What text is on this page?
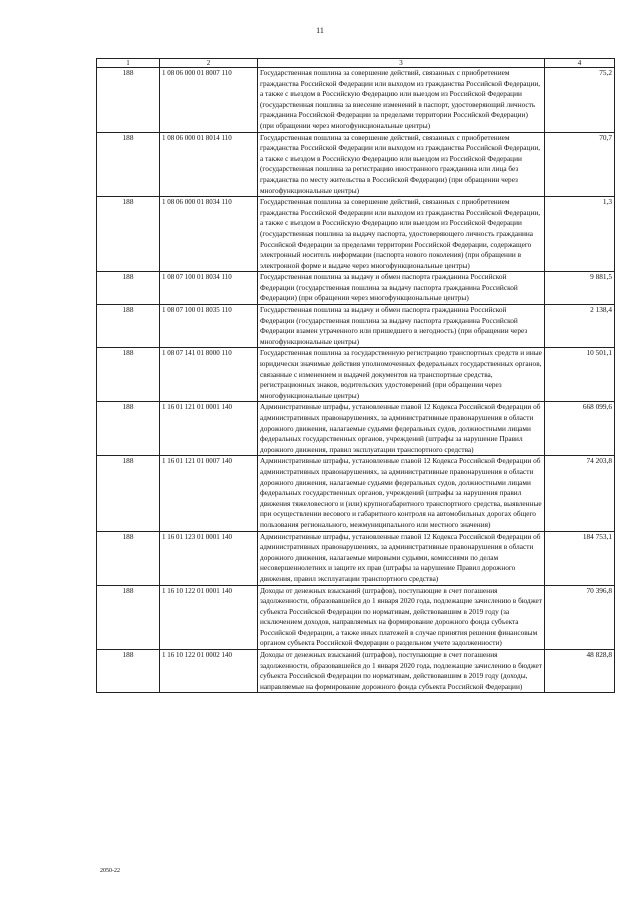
11
1	2	3	4
188	1 08 06 000 01 8007 110	Государственная пошлина за совершение действий, связанных с приобретением гражданства Российской Федерации или выходом из гражданства Российской Федерации, а также с въездом в Российскую Федерацию или выездом из Российской Федерации (государственная пошлина за внесение изменений в паспорт, удостоверяющий личность гражданина Российской Федерации за пределами территории Российской Федерации) (при обращении через многофункциональные центры)	75,2
188	1 08 06 000 01 8014 110	Государственная пошлина за совершение действий, связанных с приобретением гражданства Российской Федерации или выходом из гражданства Российской Федерации, а также с въездом в Российскую Федерацию или выездом из Российской Федерации (государственная пошлина за регистрацию иностранного гражданина или лица без гражданства по месту жительства в Российской Федерации) (при обращении через многофункциональные центры)	70,7
188	1 08 06 000 01 8034 110	Государственная пошлина за совершение действий, связанных с приобретением гражданства Российской Федерации или выходом из гражданства Российской Федерации, а также с въездом в Российскую Федерацию или выездом из Российской Федерации (государственная пошлина за выдачу паспорта, удостоверяющего личность гражданина Российской Федерации за пределами территории Российской Федерации, содержащего электронный носитель информации (паспорта нового поколения) (при обращении в электронной форме и выдаче через многофункциональные центры)	1,3
188	1 08 07 100 01 8034 110	Государственная пошлина за выдачу и обмен паспорта гражданина Российской Федерации (государственная пошлина за выдачу паспорта гражданина Российской Федерации) (при обращении через многофункциональные центры)	9 881,5
188	1 08 07 100 01 8035 110	Государственная пошлина за выдачу и обмен паспорта гражданина Российской Федерации (государственная пошлина за выдачу паспорта гражданина Российской Федерации взамен утраченного или пришедшего в негодность) (при обращении через многофункциональные центры)	2 138,4
188	1 08 07 141 01 8000 110	Государственная пошлина за государственную регистрацию транспортных средств и иные юридически значимые действия уполномоченных федеральных государственных органов, связанные с изменением и выдачей документов на транспортные средства, регистрационных знаков, водительских удостоверений (при обращении через многофункциональные центры)	10 501,1
188	1 16 01 121 01 0001 140	Административные штрафы, установленные главой 12 Кодекса Российской Федерации об административных правонарушениях, за административные правонарушения в области дорожного движения, налагаемые судьями федеральных судов, должностными лицами федеральных государственных органов, учреждений (штрафы за нарушение Правил дорожного движения, правил эксплуатации транспортного средства)	668 099,6
188	1 16 01 121 01 0007 140	Административные штрафы, установленные главой 12 Кодекса Российской Федерации об административных правонарушениях, за административные правонарушения в области дорожного движения, налагаемые судьями федеральных судов, должностными лицами федеральных государственных органов, учреждений (штрафы за нарушения правил движения тяжеловесного и (или) крупногабаритного транспортного средства, выявленные при осуществлении весового и габаритного контроля на автомобильных дорогах общего пользования регионального, межмуниципального или местного значения)	74 203,8
188	1 16 01 123 01 0001 140	Административные штрафы, установленные главой 12 Кодекса Российской Федерации об административных правонарушениях, за административные правонарушения в области дорожного движения, налагаемые мировыми судьями, комиссиями по делам несовершеннолетних и защите их прав (штрафы за нарушение Правил дорожного движения, правил эксплуатации транспортного средства)	184 753,1
188	1 16 10 122 01 0001 140	Доходы от денежных взысканий (штрафов), поступающие в счет погашения задолженности, образовавшейся до 1 января 2020 года, подлежащие зачислению в бюджет субъекта Российской Федерации по нормативам, действовавшим в 2019 году (за исключением доходов, направляемых на формирование дорожного фонда субъекта Российской Федерации, а также иных платежей в случае принятия решения финансовым органом субъекта Российской Федерации о раздельном учете задолженности)	70 396,8
188	1 16 10 122 01 0002 140	Доходы от денежных взысканий (штрафов), поступающие в счет погашения задолженности, образовавшейся до 1 января 2020 года, подлежащие зачислению в бюджет субъекта Российской Федерации по нормативам, действовавшим в 2019 году (доходы, направляемые на формирование дорожного фонда субъекта Российской Федерации)	48 828,8
2050-22
